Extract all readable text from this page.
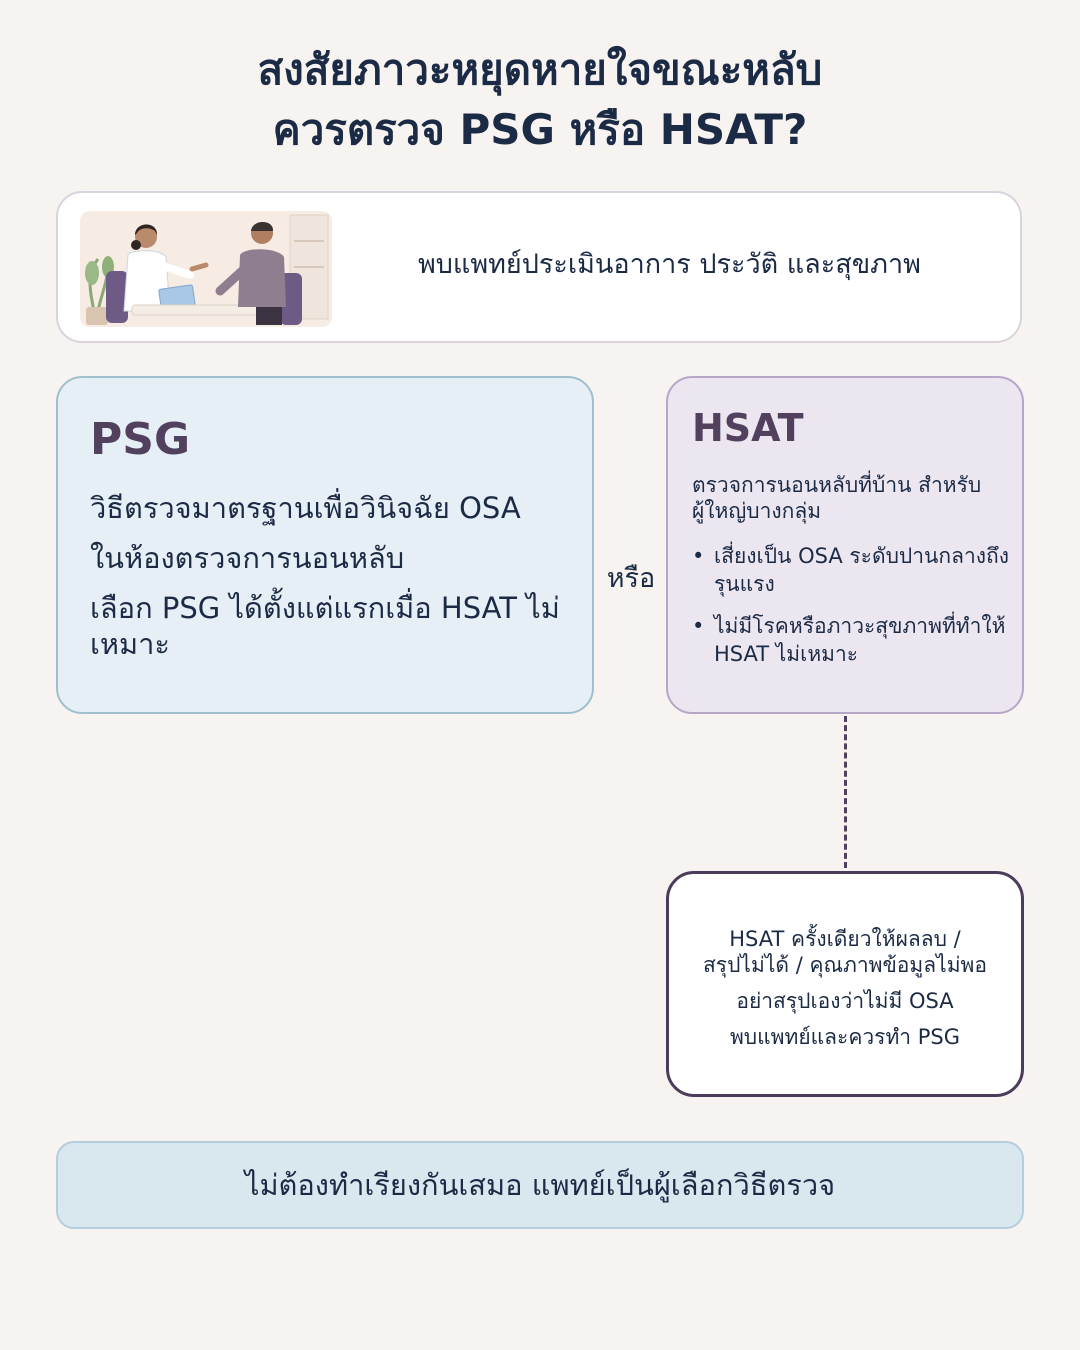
สงสัยภาวะหยุดหายใจขณะหลับ
ควรตรวจ PSG หรือ HSAT?
พบแพทย์ประเมินอาการ ประวัติ และสุขภาพ
PSG
วิธีตรวจมาตรฐานเพื่อวินิจฉัย OSA
ในห้องตรวจการนอนหลับ
เลือก PSG ได้ตั้งแต่แรกเมื่อ HSAT ไม่เหมาะ
หรือ
HSAT
ตรวจการนอนหลับที่บ้าน สำหรับผู้ใหญ่บางกลุ่ม
• เสี่ยงเป็น OSA ระดับปานกลางถึงรุนแรง
• ไม่มีโรคหรือภาวะสุขภาพที่ทำให้ HSAT ไม่เหมาะ
HSAT ครั้งเดียวให้ผลลบ /
สรุปไม่ได้ / คุณภาพข้อมูลไม่พอ
อย่าสรุปเองว่าไม่มี OSA
พบแพทย์และควรทำ PSG
ไม่ต้องทำเรียงกันเสมอ แพทย์เป็นผู้เลือกวิธีตรวจ
